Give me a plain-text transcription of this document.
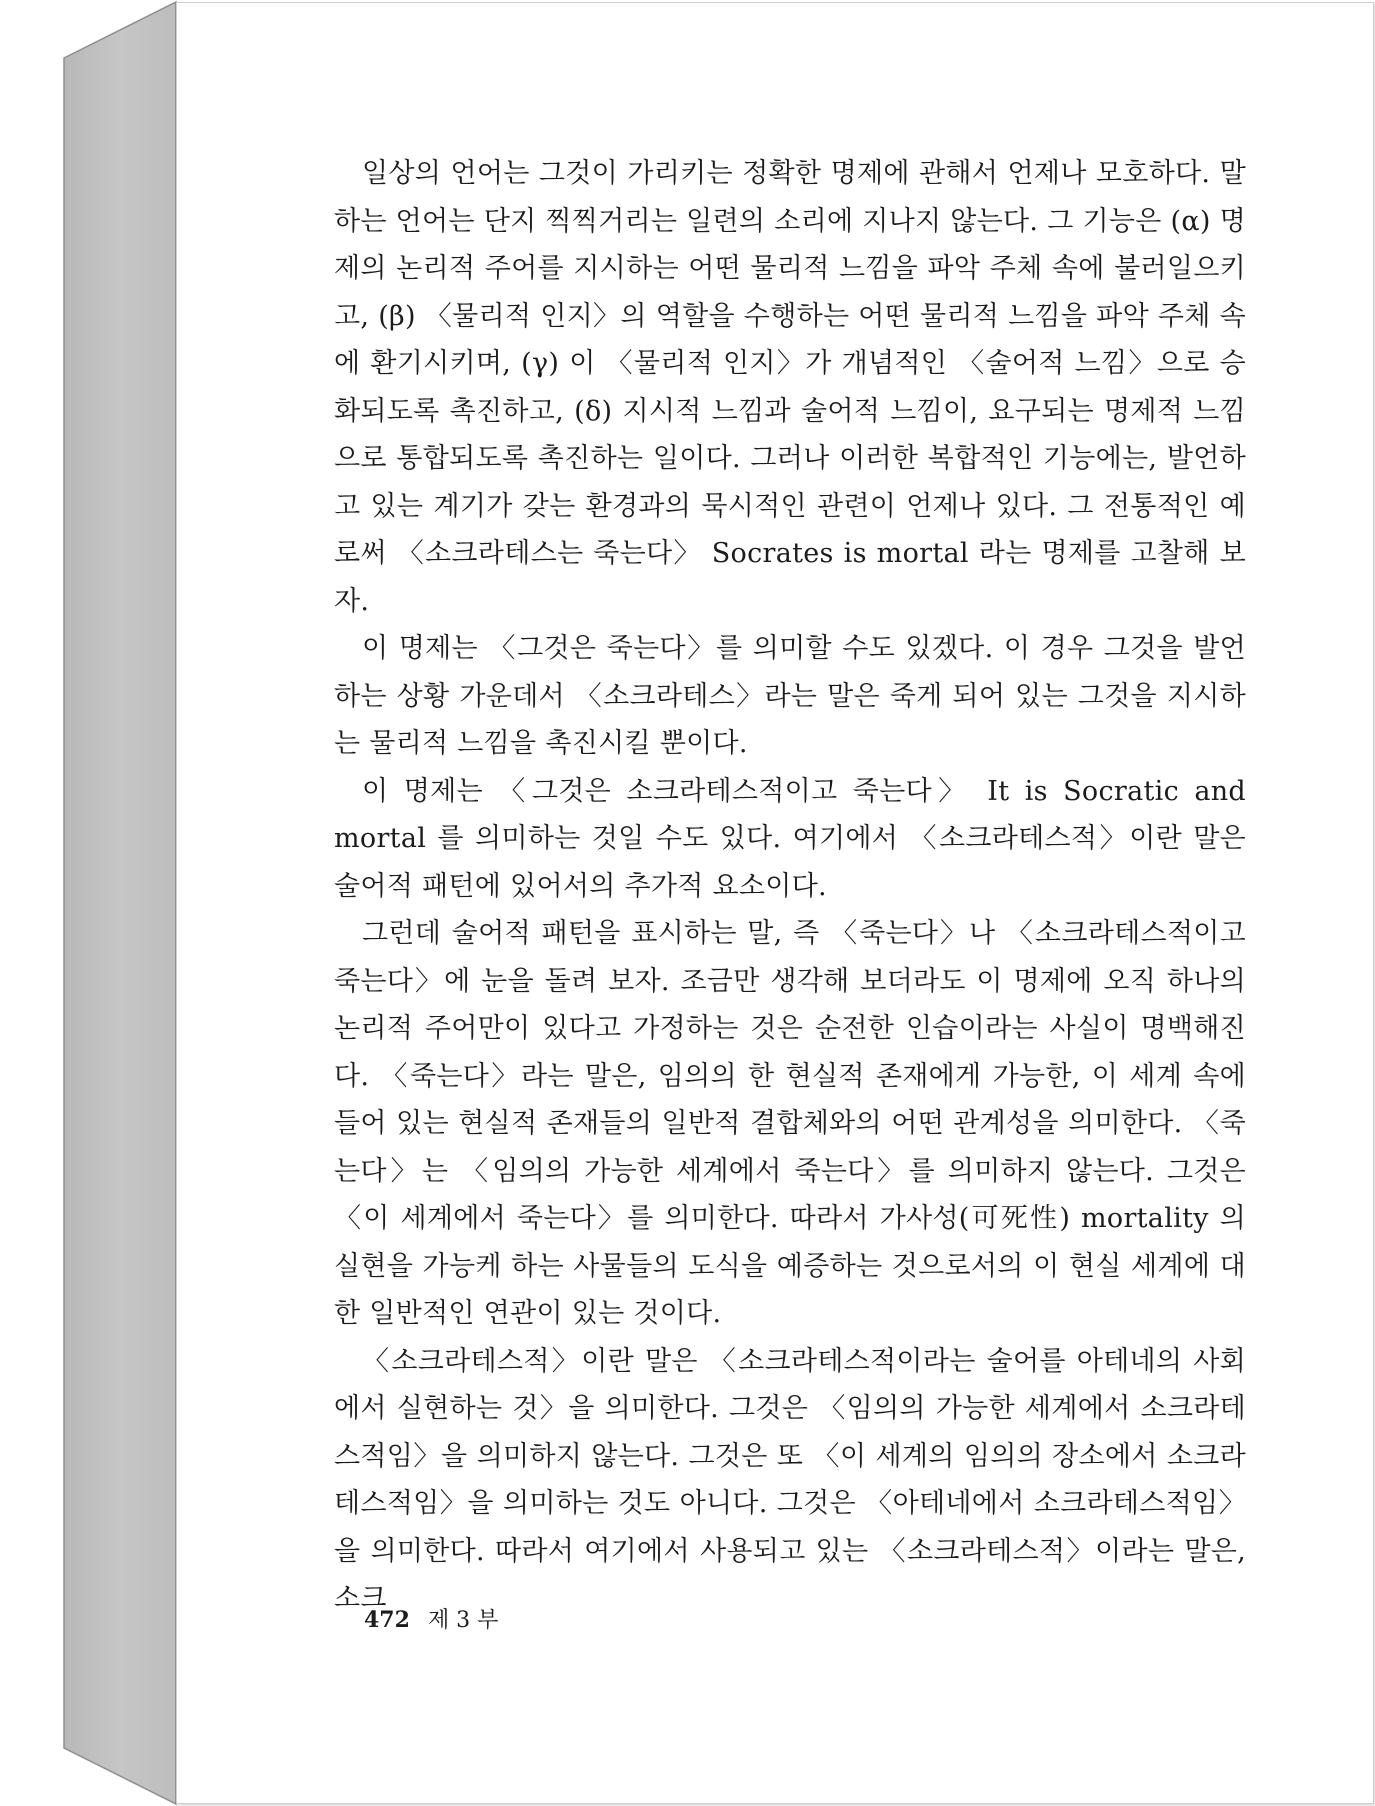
일상의 언어는 그것이 가리키는 정확한 명제에 관해서 언제나 모호하다. 말하는 언어는 단지 찍찍거리는 일련의 소리에 지나지 않는다. 그 기능은 (α) 명제의 논리적 주어를 지시하는 어떤 물리적 느낌을 파악 주체 속에 불러일으키고, (β) 〈물리적 인지〉의 역할을 수행하는 어떤 물리적 느낌을 파악 주체 속에 환기시키며, (γ) 이 〈물리적 인지〉가 개념적인 〈술어적 느낌〉으로 승화되도록 촉진하고, (δ) 지시적 느낌과 술어적 느낌이, 요구되는 명제적 느낌으로 통합되도록 촉진하는 일이다. 그러나 이러한 복합적인 기능에는, 발언하고 있는 계기가 갖는 환경과의 묵시적인 관련이 언제나 있다. 그 전통적인 예로써 〈소크라테스는 죽는다〉 Socrates is mortal 라는 명제를 고찰해 보자.

이 명제는 〈그것은 죽는다〉를 의미할 수도 있겠다. 이 경우 그것을 발언하는 상황 가운데서 〈소크라테스〉라는 말은 죽게 되어 있는 그것을 지시하는 물리적 느낌을 촉진시킬 뿐이다.

이 명제는 〈그것은 소크라테스적이고 죽는다〉 It is Socratic and mortal 를 의미하는 것일 수도 있다. 여기에서 〈소크라테스적〉이란 말은 술어적 패턴에 있어서의 추가적 요소이다.

그런데 술어적 패턴을 표시하는 말, 즉 〈죽는다〉나 〈소크라테스적이고 죽는다〉에 눈을 돌려 보자. 조금만 생각해 보더라도 이 명제에 오직 하나의 논리적 주어만이 있다고 가정하는 것은 순전한 인습이라는 사실이 명백해진다. 〈죽는다〉라는 말은, 임의의 한 현실적 존재에게 가능한, 이 세계 속에 들어 있는 현실적 존재들의 일반적 결합체와의 어떤 관계성을 의미한다. 〈죽는다〉는 〈임의의 가능한 세계에서 죽는다〉를 의미하지 않는다. 그것은 〈이 세계에서 죽는다〉를 의미한다. 따라서 가사성(可死性) mortality 의 실현을 가능케 하는 사물들의 도식을 예증하는 것으로서의 이 현실 세계에 대한 일반적인 연관이 있는 것이다.

〈소크라테스적〉이란 말은 〈소크라테스적이라는 술어를 아테네의 사회에서 실현하는 것〉을 의미한다. 그것은 〈임의의 가능한 세계에서 소크라테스적임〉을 의미하지 않는다. 그것은 또 〈이 세계의 임의의 장소에서 소크라테스적임〉을 의미하는 것도 아니다. 그것은 〈아테네에서 소크라테스적임〉을 의미한다. 따라서 여기에서 사용되고 있는 〈소크라테스적〉이라는 말은, 소크

472 제 3 부
